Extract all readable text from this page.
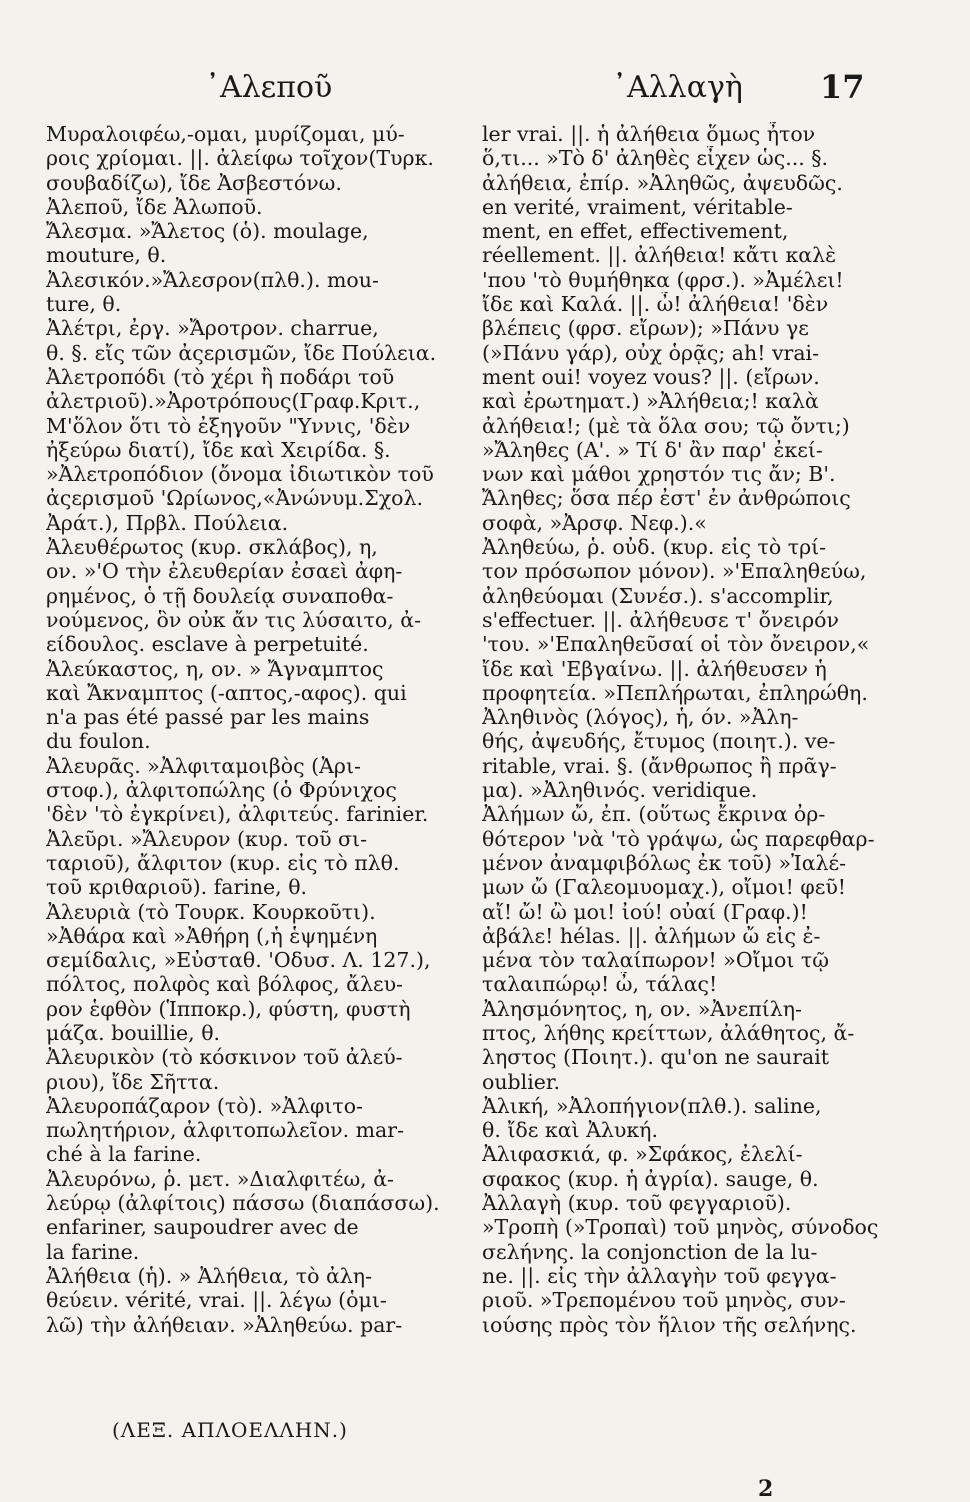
᾿Αλεποῦ	᾿Αλλαγὴ 17
Μυραλοιφέω,-ομαι, μυρίζομαι, μύ-
ροις χρίομαι. ||. ἀλείφω τοῖχον(Τυρκ.
σουβαδίζω), ἴδε Ἀσβεστόνω.
Ἀλεποῦ, ἴδε Ἀλωποῦ.
Ἄλεσμα. »Ἄλετος (ὁ). moulage,
mouture, θ.
Ἀλεσικόν.»Ἄλεσρον(πλθ.). mou-
ture, θ.
Ἀλέτρι, ἐργ. »Ἄροτρον. charrue,
θ. §. εἴς τῶν ἀςερισμῶν, ἴδε Πούλεια.
Ἀλετροπόδι (τὸ χέρι ἢ ποδάρι τοῦ
ἀλετριοῦ).»Ἀροτρόπους(Γραφ.Κριτ.,
Μ'ὅλον ὅτι τὸ ἐξηγοῦν "Υννις, 'δὲν
ἠξεύρω διατί), ἴδε καὶ Χειρίδα. §.
»Ἀλετροπόδιον (ὄνομα ἰδιωτικὸν τοῦ
ἀςερισμοῦ 'Ωρίωνος,«Ἀνώνυμ.Σχολ.
Ἀράτ.), Πρβλ. Πούλεια.
Ἀλευθέρωτος (κυρ. σκλάβος), η,
ον. »'Ο τὴν ἐλευθερίαν ἐσαεὶ ἀφη-
ρημένος, ὁ τῇ δουλείᾳ συναποθα-
νούμενος, ὃν οὐκ ἄν τις λύσαιτο, ἀ-
είδουλος. esclave à perpetuité.
Ἀλεύκαστος, η, ον. » Ἄγναμπτος
καὶ Ἄκναμπτος (-απτος,-αφος). qui
n'a pas été passé par les mains
du foulon.
Ἀλευρᾶς. »Ἀλφιταμοιβὸς (Ἀρι-
στοφ.), ἀλφιτοπώλης (ὁ Φρύνιχος
'δὲν 'τὸ ἐγκρίνει), ἀλφιτεύς. farinier.
Ἀλεῦρι. »Ἄλευρον (κυρ. τοῦ σι-
ταριοῦ), ἄλφιτον (κυρ. εἰς τὸ πλθ.
τοῦ κριθαριοῦ). farine, θ.
Ἀλευριὰ (τὸ Τουρκ. Κουρκοῦτι).
»Ἀθάρα καὶ »Ἀθήρη (,ἡ ἑψημένη
σεμίδαλις, »Εὐσταθ. 'Οδυσ. Λ. 127.),
πόλτος, πολφὸς καὶ βόλφος, ἄλευ-
ρον ἑφθὸν (Ἱπποκρ.), φύστη, φυστὴ
μάζα. bouillie, θ.
Ἀλευρικὸν (τὸ κόσκινον τοῦ ἀλεύ-
ριου), ἴδε Σῆττα.
Ἀλευροπάζαρον (τὸ). »Ἀλφιτο-
πωλητήριον, ἀλφιτοπωλεῖον. mar-
ché à la farine.
Ἀλευρόνω, ῥ. μετ. »Διαλφιτέω, ἀ-
λεύρῳ (ἀλφίτοις) πάσσω (διαπάσσω).
enfariner, saupoudrer avec de
la farine.
Ἀλήθεια (ἡ). » Ἀλήθεια, τὸ ἀλη-
θεύειν. vérité, vrai. ||. λέγω (ὁμι-
λῶ) τὴν ἀλήθειαν. »Ἀληθεύω. par-
ler vrai. ||. ἡ ἀλήθεια ὅμως ἦτον
ὅ,τι... »Τὸ δ' ἀληθὲς εἶχεν ὡς... §.
ἀλήθεια, ἐπίρ. »Ἀληθῶς, ἀψευδῶς.
en verité, vraiment, véritable-
ment, en effet, effectivement,
réellement. ||. ἀλήθεια! κἄτι καλὲ
'που 'τὸ θυμήθηκα (φρσ.). »Ἀμέλει!
ἴδε καὶ Καλά. ||. ὦ! ἀλήθεια! 'δὲν
βλέπεις (φρσ. εἴρων); »Πάνυ γε
(»Πάνυ γάρ), οὐχ ὁρᾷς; ah! vrai-
ment oui! voyez vous? ||. (εἴρων.
καὶ ἐρωτηματ.) »Ἀλήθεια;! καλὰ
ἀλήθεια!; (μὲ τὰ ὅλα σου; τῷ ὄντι;)
»Ἄληθες (Α'. » Τί δ' ἂν παρ' ἐκεί-
νων καὶ μάθοι χρηστόν τις ἄν; Β'.
Ἄληθες; ὅσα πέρ ἐστ' ἐν ἀνθρώποις
σοφὰ, »Ἀρσφ. Νεφ.).«
Ἀληθεύω, ῥ. οὐδ. (κυρ. εἰς τὸ τρί-
τον πρόσωπον μόνον). »'Επαληθεύω,
ἀληθεύομαι (Συνέσ.). s'accomplir,
s'effectuer. ||. ἀλήθευσε τ' ὄνειρόν
'του. »'Επαληθεῦσαί οἱ τὸν ὄνειρον,«
ἴδε καὶ 'Εβγαίνω. ||. ἀλήθευσεν ἡ
προφητεία. »Πεπλήρωται, ἐπληρώθη.
Ἀληθινὸς (λόγος), ἡ, όν. »Ἀλη-
θής, ἀψευδής, ἔτυμος (ποιητ.). ve-
ritable, vrai. §. (ἄνθρωπος ἢ πρᾶγ-
μα). »Ἀληθινός. veridique.
Ἀλήμων ὤ, ἐπ. (οὕτως ἔκρινα ὀρ-
θότερον 'νὰ 'τὸ γράψω, ὡς παρεφθαρ-
μένον ἀναμφιβόλως ἐκ τοῦ) »Ἰαλέ-
μων ὤ (Γαλεομυομαχ.), οἴμοι! φεῦ!
αἴ! ὤ! ὢ μοι! ἰού! οὐαί (Γραφ.)!
ἀβάλε! hélas. ||. ἀλήμων ὤ εἰς ἐ-
μένα τὸν ταλαίπωρον! »Οἴμοι τῷ
ταλαιπώρῳ! ὦ, τάλας!
Ἀλησμόνητος, η, ον. »Ἀνεπίλη-
πτος, λήθης κρείττων, ἀλάθητος, ἄ-
ληστος (Ποιητ.). qu'on ne saurait
oublier.
Ἀλική, »Ἀλοπήγιον(πλθ.). saline,
θ. ἴδε καὶ Ἀλυκή.
Ἀλιφασκιά, φ. »Σφάκος, ἐλελί-
σφακος (κυρ. ἡ ἀγρία). sauge, θ.
Ἀλλαγὴ (κυρ. τοῦ φεγγαριοῦ).
»Τροπὴ (»Τροπαὶ) τοῦ μηνὸς, σύνοδος
σελήνης. la conjonction de la lu-
ne. ||. εἰς τὴν ἀλλαγὴν τοῦ φεγγα-
ριοῦ. »Τρεπομένου τοῦ μηνὸς, συν-
ιούσης πρὸς τὸν ἥλιον τῆς σελήνης.
(ΛΕΞ. ΑΠΛΟΕΛΛΗΝ.)
2
